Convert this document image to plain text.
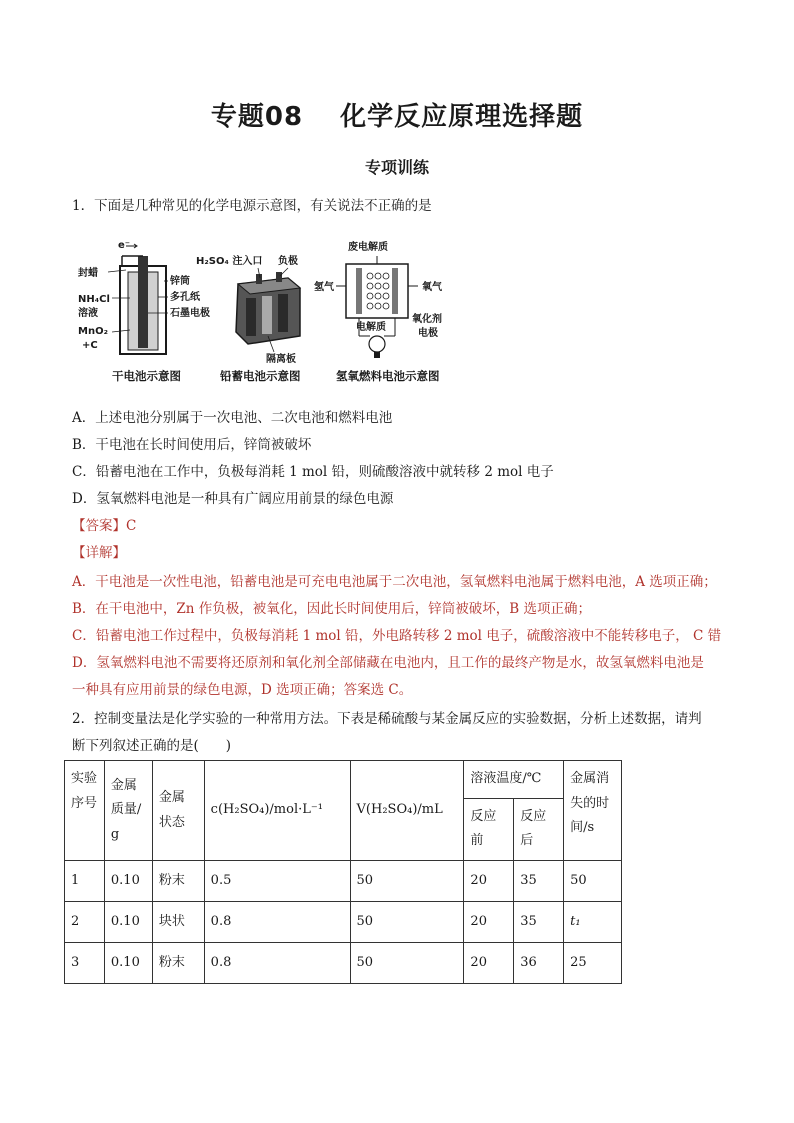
专题08　 化学反应原理选择题
专项训练
1．下面是几种常见的化学电源示意图，有关说法不正确的是
e⁻
封蜡
NH₄Cl
溶液
MnO₂
+C
锌筒
多孔纸
石墨电极
干电池示意图
H₂SO₄ 注入口 负极
隔离板
铅蓄电池示意图
废电解质
氢气	氧气
电解质
氧化剂
电极
氢氧燃料电池示意图
A．上述电池分别属于一次电池、二次电池和燃料电池
B．干电池在长时间使用后，锌筒被破坏
C．铅蓄电池在工作中，负极每消耗 1 mol 铅，则硫酸溶液中就转移 2 mol 电子
D．氢氧燃料电池是一种具有广阔应用前景的绿色电源
【答案】C
【详解】
A．干电池是一次性电池，铅蓄电池是可充电电池属于二次电池，氢氧燃料电池属于燃料电池，A 选项正确；
B．在干电池中，Zn 作负极，被氧化，因此长时间使用后，锌筒被破坏，B 选项正确；
C．铅蓄电池工作过程中，负极每消耗 1 mol 铅，外电路转移 2 mol 电子，硫酸溶液中不能转移电子， C 错
D．氢氧燃料电池不需要将还原剂和氧化剂全部储藏在电池内，且工作的最终产物是水，故氢氧燃料电池是
一种具有应用前景的绿色电源，D 选项正确；答案选 C。
2．控制变量法是化学实验的一种常用方法。下表是稀硫酸与某金属反应的实验数据，分析上述数据，请判
断下列叙述正确的是(　　)
实验序号	金属质量/g	金属状态	c(H₂SO₄)/mol·L⁻¹	V(H₂SO₄)/mL	溶液温度/℃		金属消失的时间/s
					反应前	反应后	
1	0.10	粉末	0.5	50	20	35	50
2	0.10	块状	0.8	50	20	35	t₁
3	0.10	粉末	0.8	50	20	36	25
